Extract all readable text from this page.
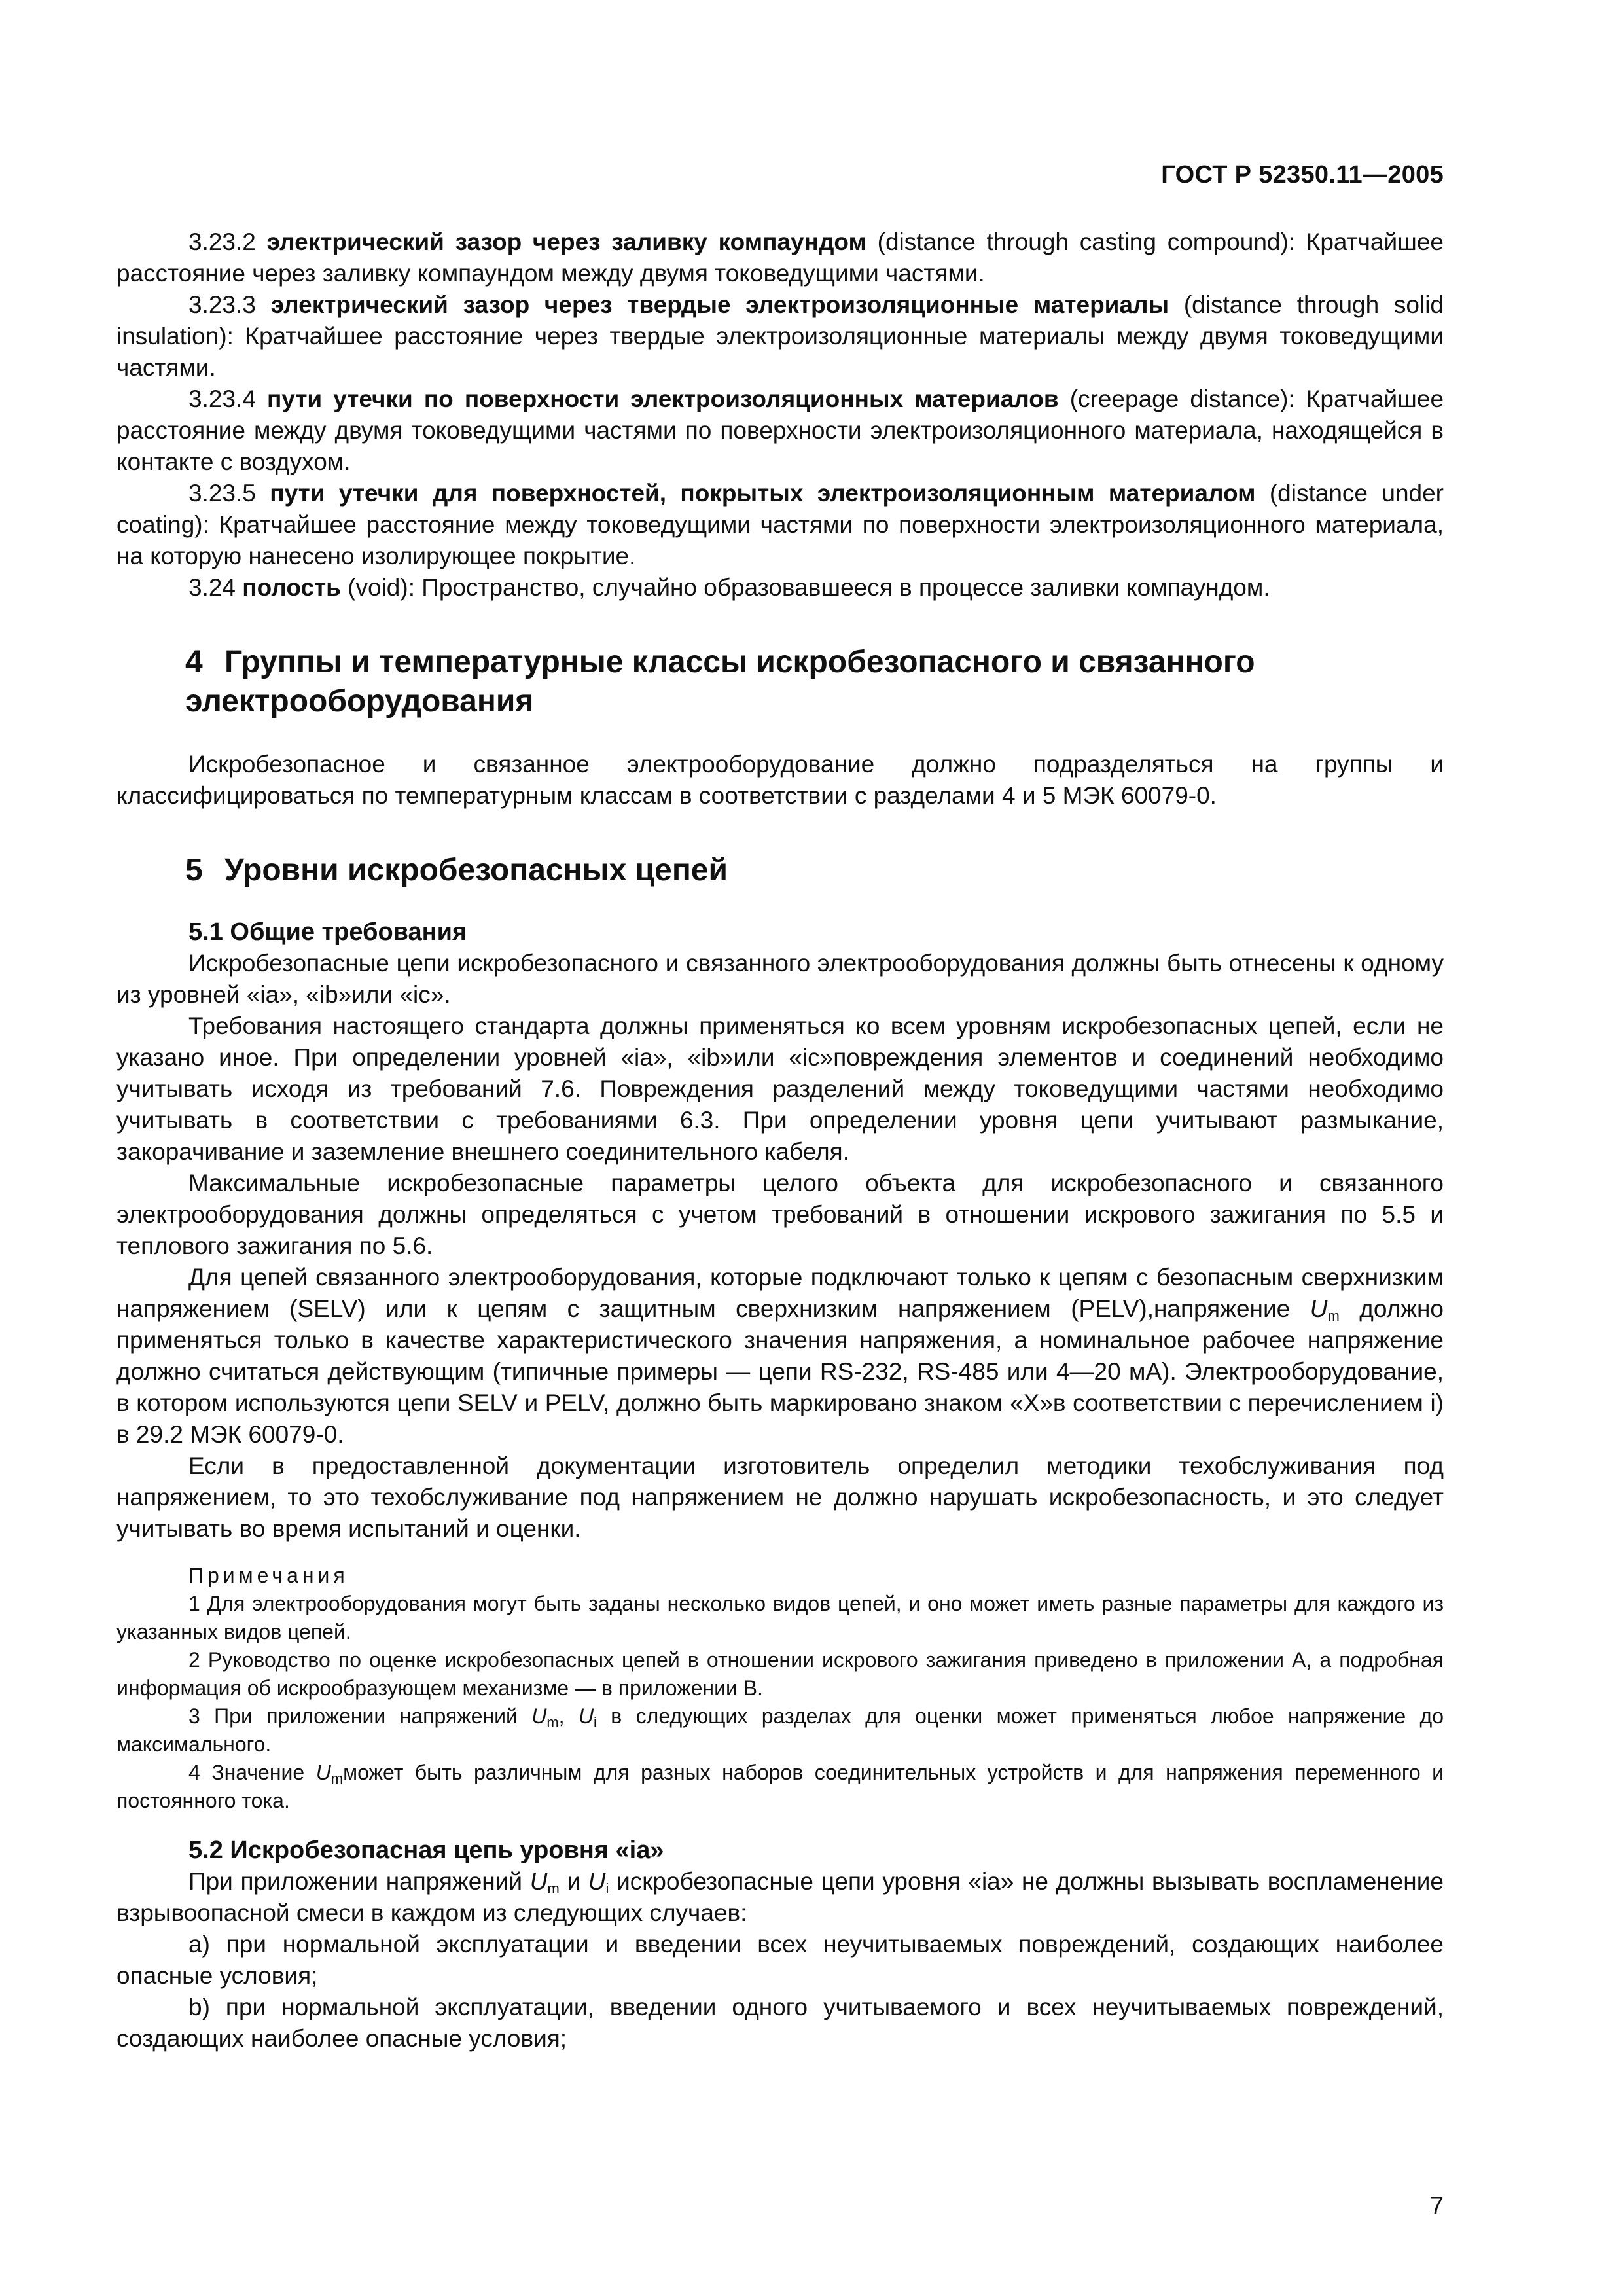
ГОСТ Р 52350.11—2005

3.23.2 электрический зазор через заливку компаундом (distance through casting compound): Кратчайшее расстояние через заливку компаундом между двумя токоведущими частями.

3.23.3 электрический зазор через твердые электроизоляционные материалы (distance through solid insulation): Кратчайшее расстояние через твердые электроизоляционные материалы между двумя токоведущими частями.

3.23.4 пути утечки по поверхности электроизоляционных материалов (creepage distance): Кратчайшее расстояние между двумя токоведущими частями по поверхности электроизоляционного материала, находящейся в контакте с воздухом.

3.23.5 пути утечки для поверхностей, покрытых электроизоляционным материалом (distance under coating): Кратчайшее расстояние между токоведущими частями по поверхности электроизоляционного материала, на которую нанесено изолирующее покрытие.

3.24 полость (void): Пространство, случайно образовавшееся в процессе заливки компаундом.

4 Группы и температурные классы искробезопасного и связанного
электрооборудования

Искробезопасное и связанное электрооборудование должно подразделяться на группы и классифицироваться по температурным классам в соответствии с разделами 4 и 5 МЭК 60079-0.

5 Уровни искробезопасных цепей
5.1 Общие требования

Искробезопасные цепи искробезопасного и связанного электрооборудования должны быть отнесены к одному из уровней «ia», «ib»или «ic».

Требования настоящего стандарта должны применяться ко всем уровням искробезопасных цепей, если не указано иное. При определении уровней «ia», «ib»или «ic»повреждения элементов и соединений необходимо учитывать исходя из требований 7.6. Повреждения разделений между токоведущими частями необходимо учитывать в соответствии с требованиями 6.3. При определении уровня цепи учитывают размыкание, закорачивание и заземление внешнего соединительного кабеля.

Максимальные искробезопасные параметры целого объекта для искробезопасного и связанного электрооборудования должны определяться с учетом требований в отношении искрового зажигания по 5.5 и теплового зажигания по 5.6.

Для цепей связанного электрооборудования, которые подключают только к цепям с безопасным сверхнизким напряжением (SELV) или к цепям с защитным сверхнизким напряжением (PELV),напряжение $U_m$ должно применяться только в качестве характеристического значения напряжения, а номинальное рабочее напряжение должно считаться действующим (типичные примеры — цепи RS-232, RS-485 или 4—20 мА). Электрооборудование, в котором используются цепи SELV и PELV, должно быть маркировано знаком «Х»в соответствии с перечислением i) в 29.2 МЭК 60079-0.

Если в предоставленной документации изготовитель определил методики техобслуживания под напряжением, то это техобслуживание под напряжением не должно нарушать искробезопасность, и это следует учитывать во время испытаний и оценки.

Примечания

1 Для электрооборудования могут быть заданы несколько видов цепей, и оно может иметь разные параметры для каждого из указанных видов цепей.

2 Руководство по оценке искробезопасных цепей в отношении искрового зажигания приведено в приложении А, а подробная информация об искрообразующем механизме — в приложении В.

3 При приложении напряжений $U_m$, $U_i$ в следующих разделах для оценки может применяться любое напряжение до максимального.

4 Значение $U_mможет$ быть различным для разных наборов соединительных устройств и для напряжения переменного и постоянного тока.

5.2 Искробезопасная цепь уровня «ia»

При приложении напряжений $U_m$ и $U_i$ искробезопасные цепи уровня «ia» не должны вызывать воспламенение взрывоопасной смеси в каждом из следующих случаев:

a) при нормальной эксплуатации и введении всех неучитываемых повреждений, создающих наиболее опасные условия;

b) при нормальной эксплуатации, введении одного учитываемого и всех неучитываемых повреждений, создающих наиболее опасные условия;

7
